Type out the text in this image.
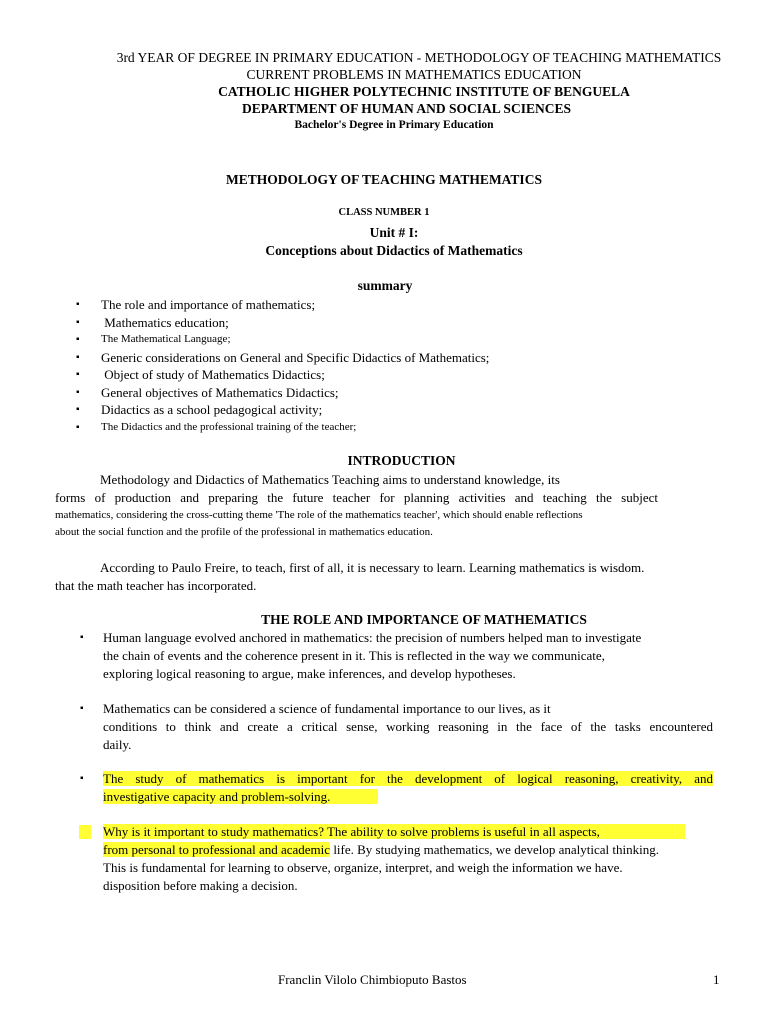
3rd YEAR OF DEGREE IN PRIMARY EDUCATION - METHODOLOGY OF TEACHING MATHEMATICS
CURRENT PROBLEMS IN MATHEMATICS EDUCATION
CATHOLIC HIGHER POLYTECHNIC INSTITUTE OF BENGUELA
DEPARTMENT OF HUMAN AND SOCIAL SCIENCES
Bachelor's Degree in Primary Education
METHODOLOGY OF TEACHING MATHEMATICS
CLASS NUMBER 1
Unit # I:
Conceptions about Didactics of Mathematics
summary
▪ The role and importance of mathematics;
▪ Mathematics education;
▪ The Mathematical Language;
▪ Generic considerations on General and Specific Didactics of Mathematics;
▪ Object of study of Mathematics Didactics;
▪ General objectives of Mathematics Didactics;
▪ Didactics as a school pedagogical activity;
▪ The Didactics and the professional training of the teacher;
INTRODUCTION
Methodology and Didactics of Mathematics Teaching aims to understand knowledge, its
forms of production and preparing the future teacher for planning activities and teaching the subject
mathematics, considering the cross-cutting theme 'The role of the mathematics teacher', which should enable reflections
about the social function and the profile of the professional in mathematics education.
According to Paulo Freire, to teach, first of all, it is necessary to learn. Learning mathematics is wisdom.
that the math teacher has incorporated.
THE ROLE AND IMPORTANCE OF MATHEMATICS
▪ Human language evolved anchored in mathematics: the precision of numbers helped man to investigate
the chain of events and the coherence present in it. This is reflected in the way we communicate,
exploring logical reasoning to argue, make inferences, and develop hypotheses.
▪ Mathematics can be considered a science of fundamental importance to our lives, as it
conditions to think and create a critical sense, working reasoning in the face of the tasks encountered
daily.
▪ The study of mathematics is important for the development of logical reasoning, creativity, and
investigative capacity and problem-solving.
Why is it important to study mathematics? The ability to solve problems is useful in all aspects,
from personal to professional and academic life. By studying mathematics, we develop analytical thinking.
This is fundamental for learning to observe, organize, interpret, and weigh the information we have.
disposition before making a decision.
Franclin Vilolo Chimbioputo Bastos	1
